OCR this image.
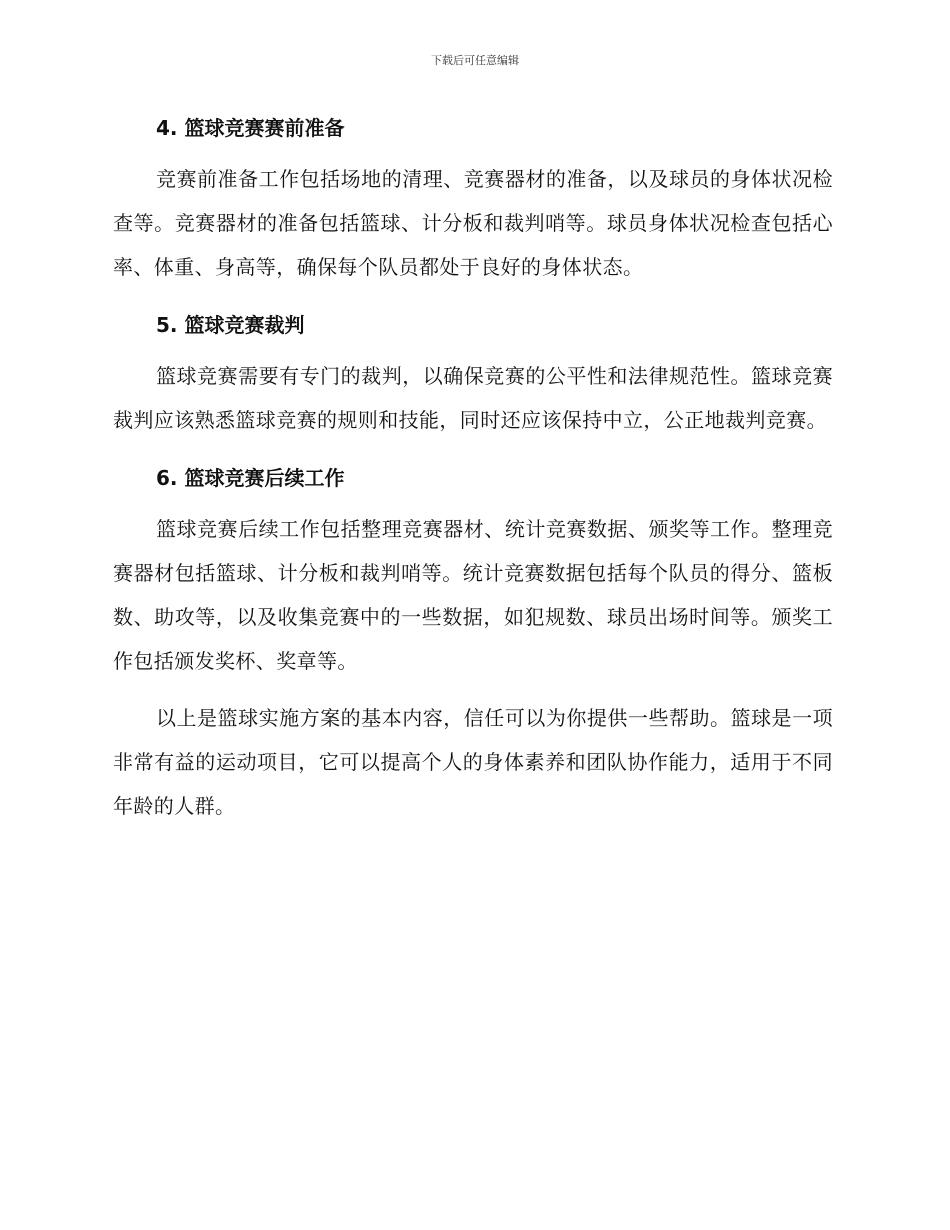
下载后可任意编辑
4. 篮球竞赛赛前准备

竞赛前准备工作包括场地的清理、竞赛器材的准备，以及球员的身体状况检查等。竞赛器材的准备包括篮球、计分板和裁判哨等。球员身体状况检查包括心率、体重、身高等，确保每个队员都处于良好的身体状态。

5. 篮球竞赛裁判

篮球竞赛需要有专门的裁判，以确保竞赛的公平性和法律规范性。篮球竞赛裁判应该熟悉篮球竞赛的规则和技能，同时还应该保持中立，公正地裁判竞赛。

6. 篮球竞赛后续工作

篮球竞赛后续工作包括整理竞赛器材、统计竞赛数据、颁奖等工作。整理竞赛器材包括篮球、计分板和裁判哨等。统计竞赛数据包括每个队员的得分、篮板数、助攻等，以及收集竞赛中的一些数据，如犯规数、球员出场时间等。颁奖工作包括颁发奖杯、奖章等。

以上是篮球实施方案的基本内容，信任可以为你提供一些帮助。篮球是一项非常有益的运动项目，它可以提高个人的身体素养和团队协作能力，适用于不同年龄的人群。
